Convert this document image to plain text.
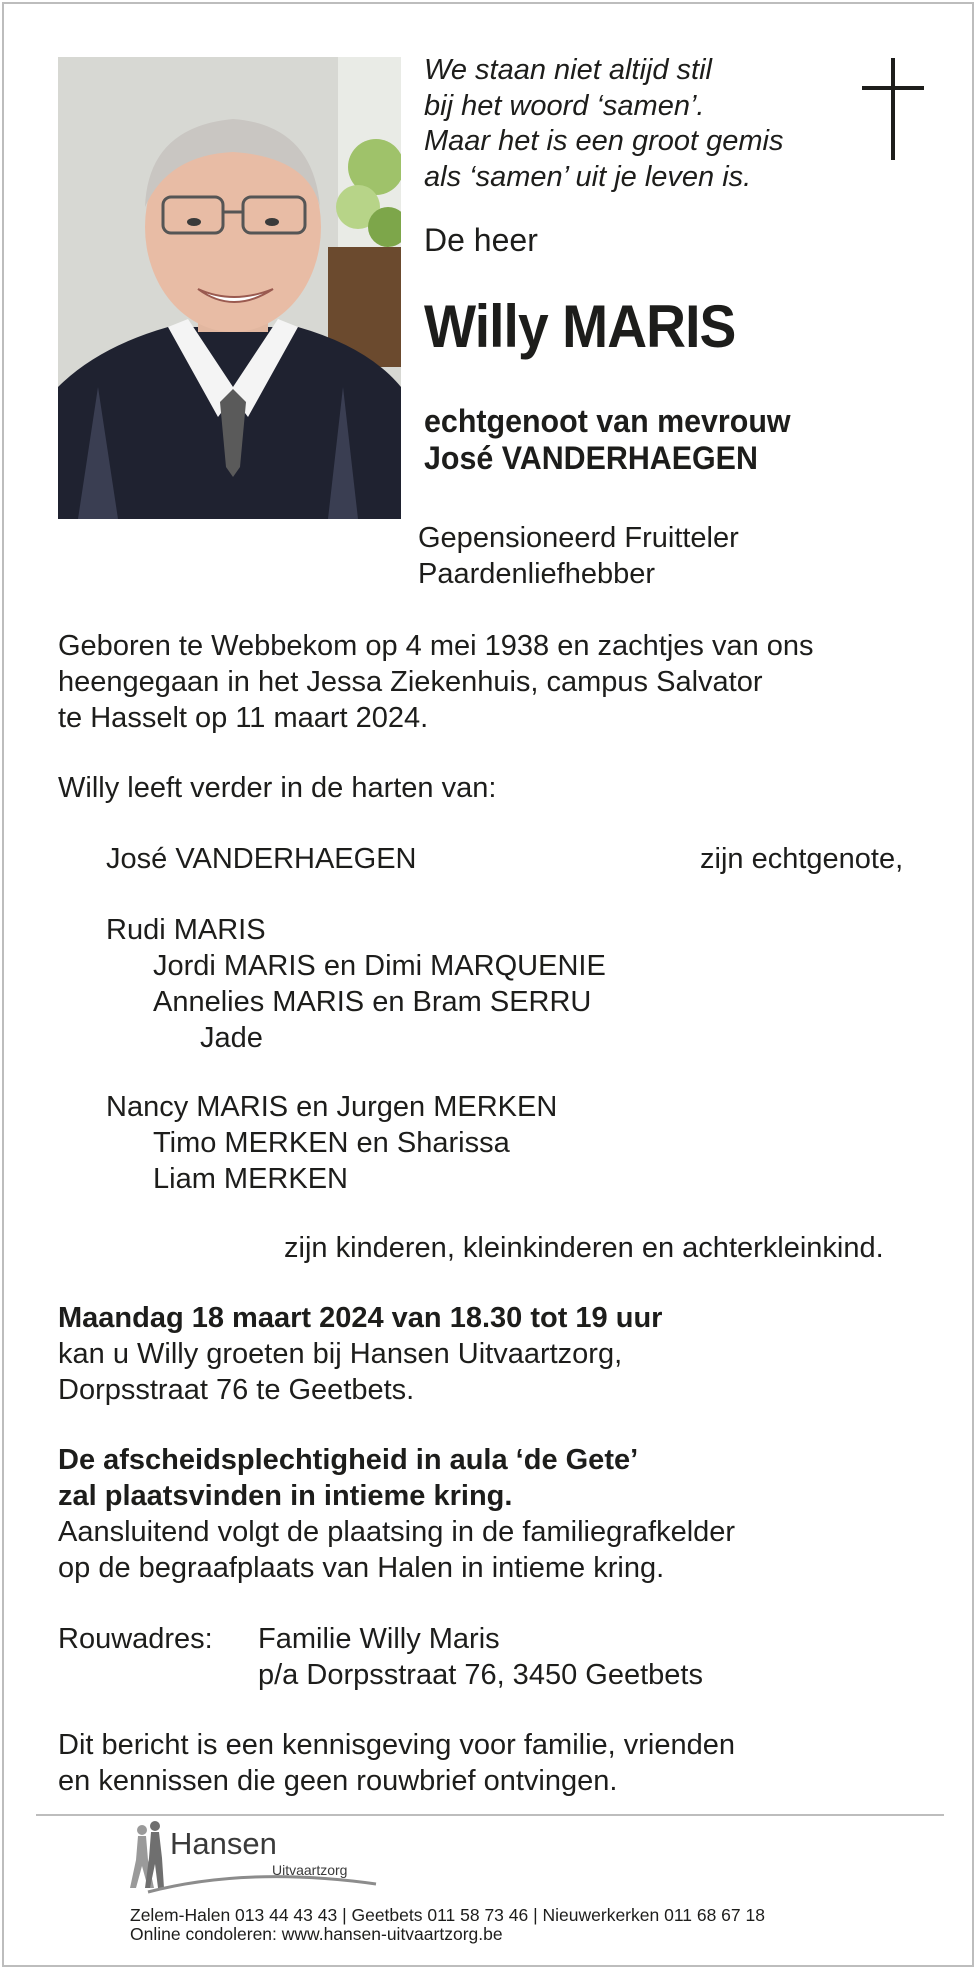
We staan niet altijd stil
bij het woord ‘samen’.
Maar het is een groot gemis
als ‘samen’ uit je leven is.
De heer
Willy MARIS
echtgenoot van mevrouw
José VANDERHAEGEN
Gepensioneerd Fruitteler
Paardenliefhebber
Geboren te Webbekom op 4 mei 1938 en zachtjes van ons
heengegaan in het Jessa Ziekenhuis, campus Salvator
te Hasselt op 11 maart 2024.
Willy leeft verder in de harten van:
José VANDERHAEGEN	zijn echtgenote,
Rudi MARIS
Jordi MARIS en Dimi MARQUENIE
Annelies MARIS en Bram SERRU
Jade
Nancy MARIS en Jurgen MERKEN
Timo MERKEN en Sharissa
Liam MERKEN
zijn kinderen, kleinkinderen en achterkleinkind.
Maandag 18 maart 2024 van 18.30 tot 19 uur
kan u Willy groeten bij Hansen Uitvaartzorg,
Dorpsstraat 76 te Geetbets.
De afscheidsplechtigheid in aula ‘de Gete’
zal plaatsvinden in intieme kring.
Aansluitend volgt de plaatsing in de familiegrafkelder
op de begraafplaats van Halen in intieme kring.
Rouwadres: Familie Willy Maris
p/a Dorpsstraat 76, 3450 Geetbets
Dit bericht is een kennisgeving voor familie, vrienden
en kennissen die geen rouwbrief ontvingen.
Hansen
Uitvaartzorg
Zelem-Halen 013 44 43 43 | Geetbets 011 58 73 46 | Nieuwerkerken 011 68 67 18
Online condoleren: www.hansen-uitvaartzorg.be
